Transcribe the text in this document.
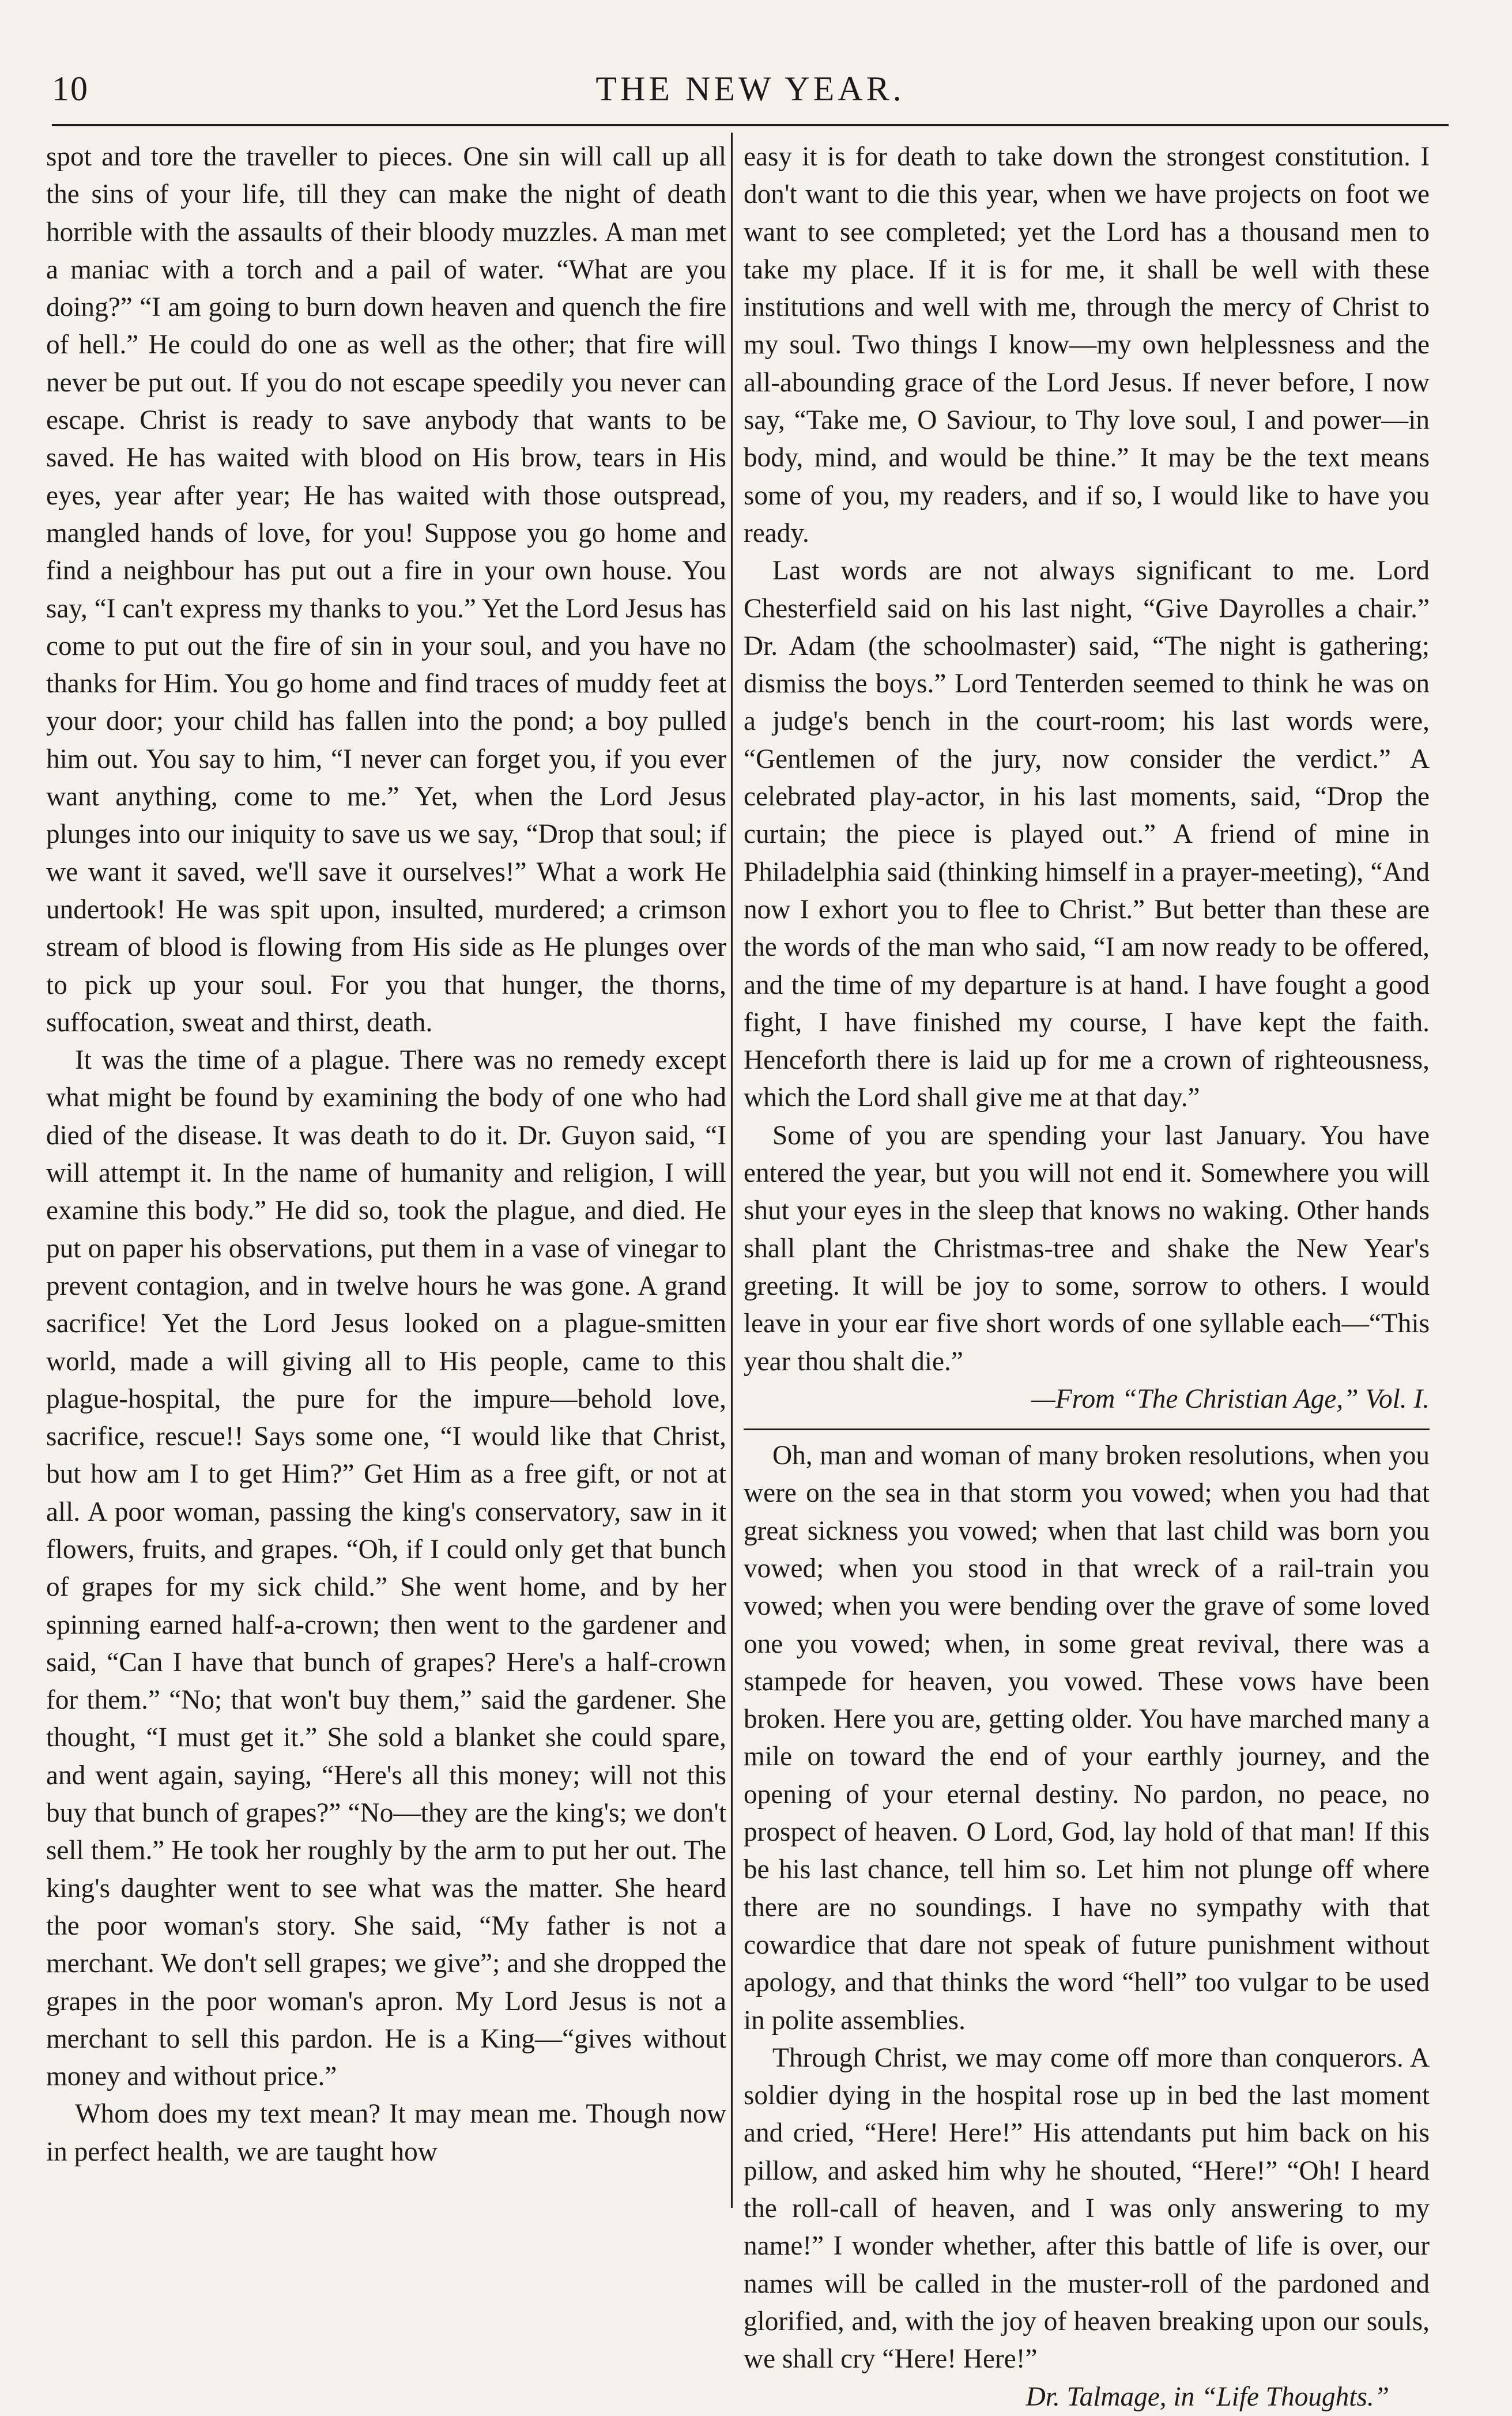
10	THE NEW YEAR.

spot and tore the traveller to pieces. One sin will call up all the sins of your life, till they can make the night of death horrible with the assaults of their bloody muzzles. A man met a maniac with a torch and a pail of water. “What are you doing?” “I am going to burn down heaven and quench the fire of hell.” He could do one as well as the other; that fire will never be put out. If you do not escape speedily you never can escape. Christ is ready to save anybody that wants to be saved. He has waited with blood on His brow, tears in His eyes, year after year; He has waited with those outspread, mangled hands of love, for you! Suppose you go home and find a neighbour has put out a fire in your own house. You say, “I can't express my thanks to you.” Yet the Lord Jesus has come to put out the fire of sin in your soul, and you have no thanks for Him. You go home and find traces of muddy feet at your door; your child has fallen into the pond; a boy pulled him out. You say to him, “I never can forget you, if you ever want anything, come to me.” Yet, when the Lord Jesus plunges into our iniquity to save us we say, “Drop that soul; if we want it saved, we'll save it ourselves!” What a work He undertook! He was spit upon, insulted, murdered; a crimson stream of blood is flowing from His side as He plunges over to pick up your soul. For you that hunger, the thorns, suffocation, sweat and thirst, death.

It was the time of a plague. There was no remedy except what might be found by examining the body of one who had died of the disease. It was death to do it. Dr. Guyon said, “I will attempt it. In the name of humanity and religion, I will examine this body.” He did so, took the plague, and died. He put on paper his observations, put them in a vase of vinegar to prevent contagion, and in twelve hours he was gone. A grand sacrifice! Yet the Lord Jesus looked on a plague-smitten world, made a will giving all to His people, came to this plague-hospital, the pure for the impure—behold love, sacrifice, rescue!! Says some one, “I would like that Christ, but how am I to get Him?” Get Him as a free gift, or not at all. A poor woman, passing the king's conservatory, saw in it flowers, fruits, and grapes. “Oh, if I could only get that bunch of grapes for my sick child.” She went home, and by her spinning earned half-a-crown; then went to the gardener and said, “Can I have that bunch of grapes? Here's a half-crown for them.” “No; that won't buy them,” said the gardener. She thought, “I must get it.” She sold a blanket she could spare, and went again, saying, “Here's all this money; will not this buy that bunch of grapes?” “No—they are the king's; we don't sell them.” He took her roughly by the arm to put her out. The king's daughter went to see what was the matter. She heard the poor woman's story. She said, “My father is not a merchant. We don't sell grapes; we give”; and she dropped the grapes in the poor woman's apron. My Lord Jesus is not a merchant to sell this pardon. He is a King—“gives without money and without price.”

Whom does my text mean? It may mean me. Though now in perfect health, we are taught how

easy it is for death to take down the strongest constitution. I don't want to die this year, when we have projects on foot we want to see completed; yet the Lord has a thousand men to take my place. If it is for me, it shall be well with these institutions and well with me, through the mercy of Christ to my soul. Two things I know—my own helplessness and the all-abounding grace of the Lord Jesus. If never before, I now say, “Take me, O Saviour, to Thy love soul, I and power—in body, mind, and would be thine.” It may be the text means some of you, my readers, and if so, I would like to have you ready.

Last words are not always significant to me. Lord Chesterfield said on his last night, “Give Dayrolles a chair.” Dr. Adam (the schoolmaster) said, “The night is gathering; dismiss the boys.” Lord Tenterden seemed to think he was on a judge's bench in the court-room; his last words were, “Gentlemen of the jury, now consider the verdict.” A celebrated play-actor, in his last moments, said, “Drop the curtain; the piece is played out.” A friend of mine in Philadelphia said (thinking himself in a prayer-meeting), “And now I exhort you to flee to Christ.” But better than these are the words of the man who said, “I am now ready to be offered, and the time of my departure is at hand. I have fought a good fight, I have finished my course, I have kept the faith. Henceforth there is laid up for me a crown of righteousness, which the Lord shall give me at that day.”

Some of you are spending your last January. You have entered the year, but you will not end it. Somewhere you will shut your eyes in the sleep that knows no waking. Other hands shall plant the Christmas-tree and shake the New Year's greeting. It will be joy to some, sorrow to others. I would leave in your ear five short words of one syllable each—“This year thou shalt die.”

—From “The Christian Age,” Vol. I.

Oh, man and woman of many broken resolutions, when you were on the sea in that storm you vowed; when you had that great sickness you vowed; when that last child was born you vowed; when you stood in that wreck of a rail-train you vowed; when you were bending over the grave of some loved one you vowed; when, in some great revival, there was a stampede for heaven, you vowed. These vows have been broken. Here you are, getting older. You have marched many a mile on toward the end of your earthly journey, and the opening of your eternal destiny. No pardon, no peace, no prospect of heaven. O Lord, God, lay hold of that man! If this be his last chance, tell him so. Let him not plunge off where there are no soundings. I have no sympathy with that cowardice that dare not speak of future punishment without apology, and that thinks the word “hell” too vulgar to be used in polite assemblies.

Through Christ, we may come off more than conquerors. A soldier dying in the hospital rose up in bed the last moment and cried, “Here! Here!” His attendants put him back on his pillow, and asked him why he shouted, “Here!” “Oh! I heard the roll-call of heaven, and I was only answering to my name!” I wonder whether, after this battle of life is over, our names will be called in the muster-roll of the pardoned and glorified, and, with the joy of heaven breaking upon our souls, we shall cry “Here! Here!”

Dr. Talmage, in “Life Thoughts.”
